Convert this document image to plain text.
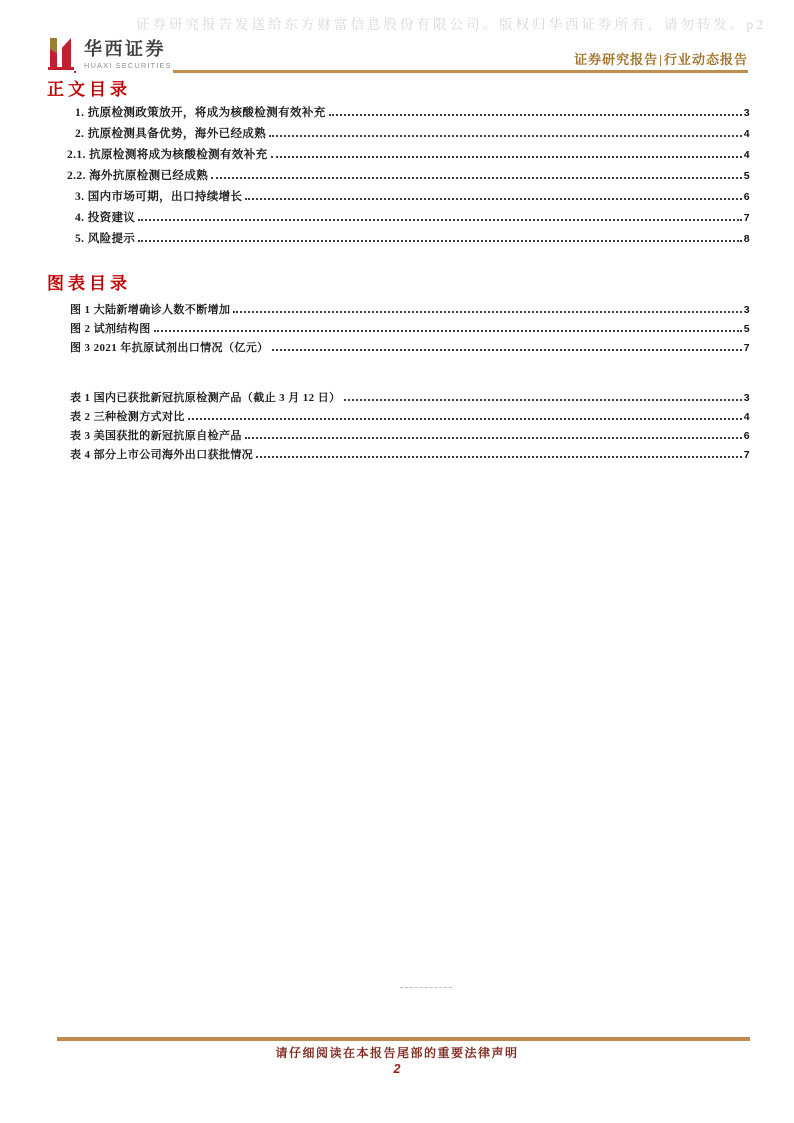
证券研究报告发送给东方财富信息股份有限公司。版权归华西证券所有，请勿转发。p2
华西证券
HUAXI SECURITIES	证券研究报告|行业动态报告
正文目录
1. 抗原检测政策放开，将成为核酸检测有效补充	3
2. 抗原检测具备优势，海外已经成熟	4
2.1. 抗原检测将成为核酸检测有效补充	4
2.2. 海外抗原检测已经成熟	5
3. 国内市场可期，出口持续增长	6
4. 投资建议	7
5. 风险提示	8
图表目录
图 1 大陆新增确诊人数不断增加	3
图 2 试剂结构图	5
图 3 2021 年抗原试剂出口情况（亿元）	7
表 1 国内已获批新冠抗原检测产品（截止 3 月 12 日）	3
表 2 三种检测方式对比	4
表 3 美国获批的新冠抗原自检产品	6
表 4 部分上市公司海外出口获批情况	7
请仔细阅读在本报告尾部的重要法律声明
2
